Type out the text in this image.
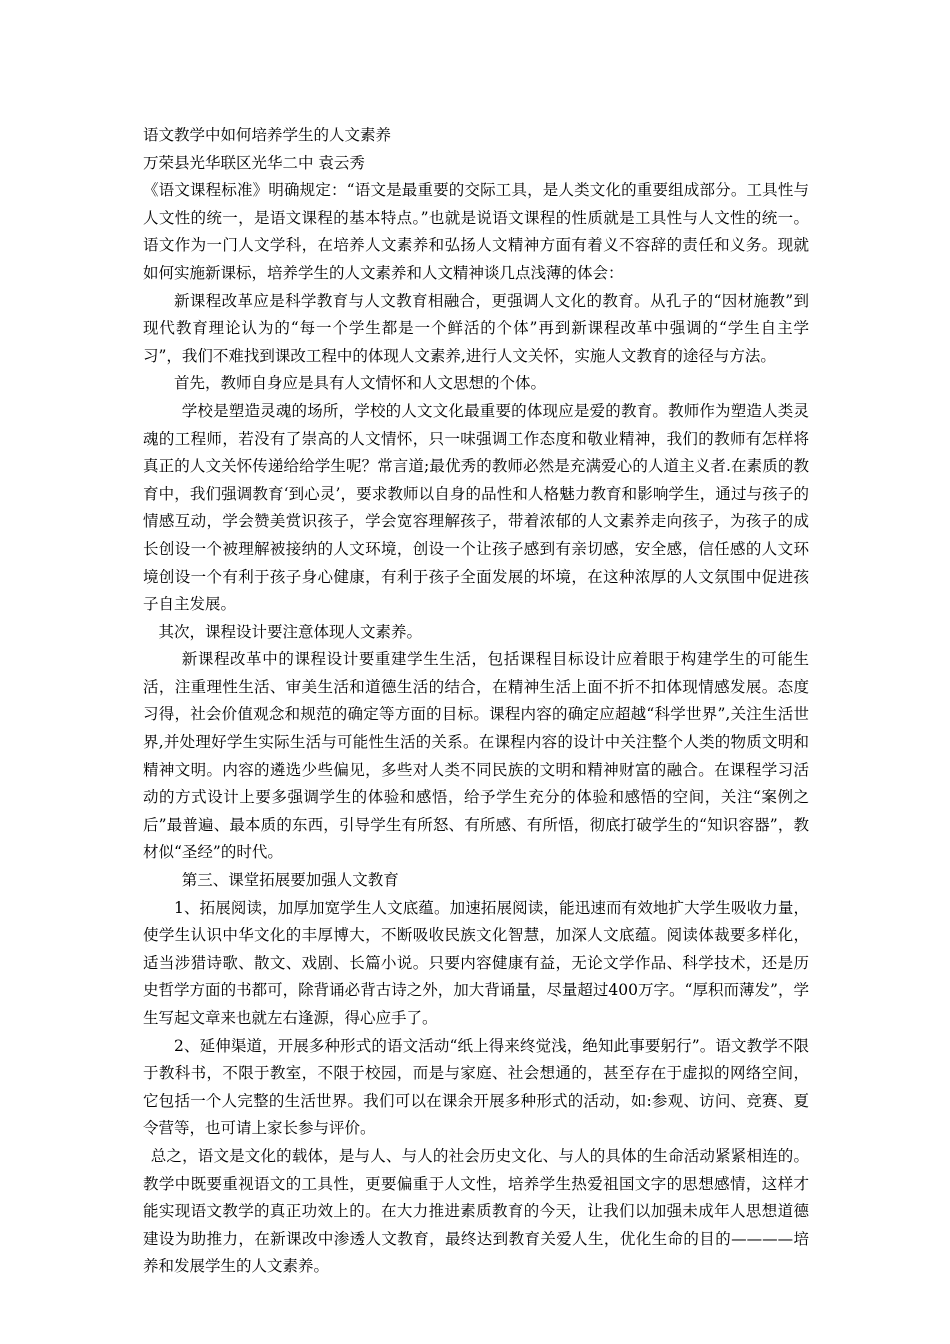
语文教学中如何培养学生的人文素养

万荣县光华联区光华二中 袁云秀

《语文课程标准》明确规定：“语文是最重要的交际工具，是人类文化的重要组成部分。工具性与人文性的统一，是语文课程的基本特点。”也就是说语文课程的性质就是工具性与人文性的统一。语文作为一门人文学科，在培养人文素养和弘扬人文精神方面有着义不容辞的责任和义务。现就如何实施新课标，培养学生的人文素养和人文精神谈几点浅薄的体会：

新课程改革应是科学教育与人文教育相融合，更强调人文化的教育。从孔子的“因材施教”到现代教育理论认为的“每一个学生都是一个鲜活的个体”再到新课程改革中强调的“学生自主学习”，我们不难找到课改工程中的体现人文素养,进行人文关怀，实施人文教育的途径与方法。

首先，教师自身应是具有人文情怀和人文思想的个体。

学校是塑造灵魂的场所，学校的人文文化最重要的体现应是爱的教育。教师作为塑造人类灵魂的工程师，若没有了崇高的人文情怀，只一味强调工作态度和敬业精神，我们的教师有怎样将真正的人文关怀传递给给学生呢？常言道;最优秀的教师必然是充满爱心的人道主义者.在素质的教育中，我们强调教育‘到心灵’，要求教师以自身的品性和人格魅力教育和影响学生，通过与孩子的情感互动，学会赞美赏识孩子，学会宽容理解孩子，带着浓郁的人文素养走向孩子，为孩子的成长创设一个被理解被接纳的人文环境，创设一个让孩子感到有亲切感，安全感，信任感的人文环境创设一个有利于孩子身心健康，有利于孩子全面发展的坏境，在这种浓厚的人文氛围中促进孩子自主发展。

其次，课程设计要注意体现人文素养。

新课程改革中的课程设计要重建学生生活，包括课程目标设计应着眼于构建学生的可能生活，注重理性生活、审美生活和道德生活的结合，在精神生活上面不折不扣体现情感发展。态度习得，社会价值观念和规范的确定等方面的目标。课程内容的确定应超越“科学世界”,关注生活世界,并处理好学生实际生活与可能性生活的关系。在课程内容的设计中关注整个人类的物质文明和精神文明。内容的遴选少些偏见，多些对人类不同民族的文明和精神财富的融合。在课程学习活动的方式设计上要多强调学生的体验和感悟，给予学生充分的体验和感悟的空间，关注“案例之后”最普遍、最本质的东西，引导学生有所怒、有所感、有所悟，彻底打破学生的“知识容器”，教材似“圣经”的时代。

第三、课堂拓展要加强人文教育

1、拓展阅读，加厚加宽学生人文底蕴。加速拓展阅读，能迅速而有效地扩大学生吸收力量，使学生认识中华文化的丰厚博大，不断吸收民族文化智慧，加深人文底蕴。阅读体裁要多样化，适当涉猎诗歌、散文、戏剧、长篇小说。只要内容健康有益，无论文学作品、科学技术，还是历史哲学方面的书都可，除背诵必背古诗之外，加大背诵量，尽量超过400万字。“厚积而薄发”，学生写起文章来也就左右逢源，得心应手了。

2、延伸渠道，开展多种形式的语文活动“纸上得来终觉浅，绝知此事要躬行”。语文教学不限于教科书，不限于教室，不限于校园，而是与家庭、社会想通的，甚至存在于虚拟的网络空间，它包括一个人完整的生活世界。我们可以在课余开展多种形式的活动，如:参观、访问、竞赛、夏令营等，也可请上家长参与评价。

总之，语文是文化的载体，是与人、与人的社会历史文化、与人的具体的生命活动紧紧相连的。教学中既要重视语文的工具性，更要偏重于人文性，培养学生热爱祖国文字的思想感情，这样才能实现语文教学的真正功效上的。在大力推进素质教育的今天，让我们以加强未成年人思想道德建设为助推力，在新课改中渗透人文教育，最终达到教育关爱人生，优化生命的目的————培养和发展学生的人文素养。
